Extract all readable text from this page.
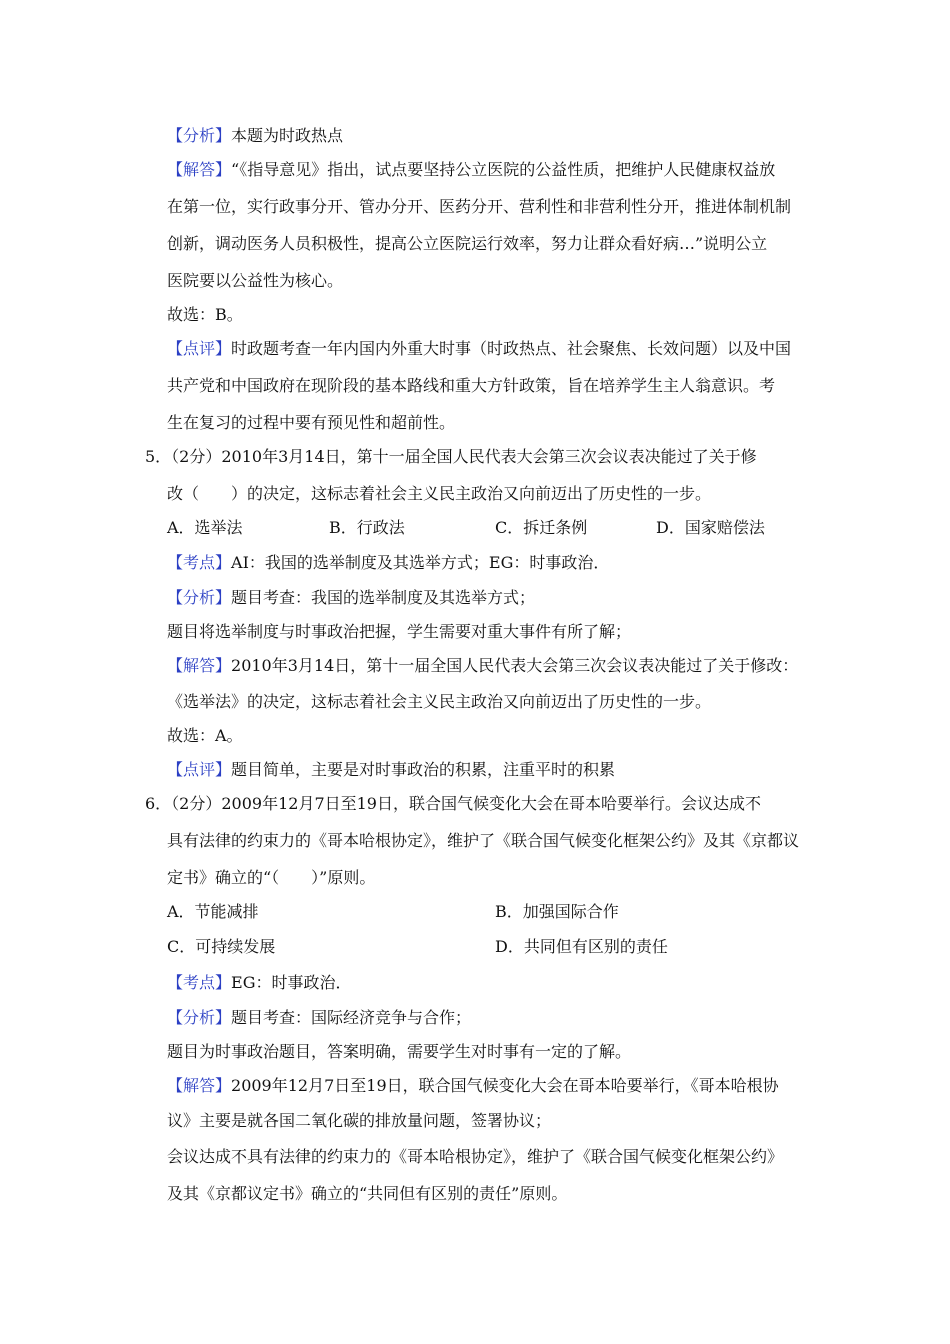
【分析】本题为时政热点
【解答】“《指导意见》指出，试点要坚持公立医院的公益性质，把维护人民健康权益放
在第一位，实行政事分开、管办分开、医药分开、营利性和非营利性分开，推进体制机制
创新，调动医务人员积极性，提高公立医院运行效率，努力让群众看好病…”说明公立
医院要以公益性为核心。
故选：B。
【点评】时政题考查一年内国内外重大时事（时政热点、社会聚焦、长效问题）以及中国
共产党和中国政府在现阶段的基本路线和重大方针政策，旨在培养学生主人翁意识。考
生在复习的过程中要有预见性和超前性。
5．（2分）2010年3月14日，第十一届全国人民代表大会第三次会议表决能过了关于修
改（　　）的决定，这标志着社会主义民主政治又向前迈出了历史性的一步。
A．选举法	B．行政法	C．拆迁条例	D．国家赔偿法
【考点】AI：我国的选举制度及其选举方式；EG：时事政治．
【分析】题目考查：我国的选举制度及其选举方式；
题目将选举制度与时事政治把握，学生需要对重大事件有所了解；
【解答】2010年3月14日，第十一届全国人民代表大会第三次会议表决能过了关于修改：
《选举法》的决定，这标志着社会主义民主政治又向前迈出了历史性的一步。
故选：A。
【点评】题目简单，主要是对时事政治的积累，注重平时的积累
6．（2分）2009年12月7日至19日，联合国气候变化大会在哥本哈要举行。会议达成不
具有法律的约束力的《哥本哈根协定》，维护了《联合国气候变化框架公约》及其《京都议
定书》确立的“（　　）”原则。
A．节能减排	B．加强国际合作
C．可持续发展	D．共同但有区别的责任
【考点】EG：时事政治．
【分析】题目考查：国际经济竞争与合作；
题目为时事政治题目，答案明确，需要学生对时事有一定的了解。
【解答】2009年12月7日至19日，联合国气候变化大会在哥本哈要举行，《哥本哈根协
议》主要是就各国二氧化碳的排放量问题，签署协议；
会议达成不具有法律的约束力的《哥本哈根协定》，维护了《联合国气候变化框架公约》
及其《京都议定书》确立的“共同但有区别的责任”原则。
